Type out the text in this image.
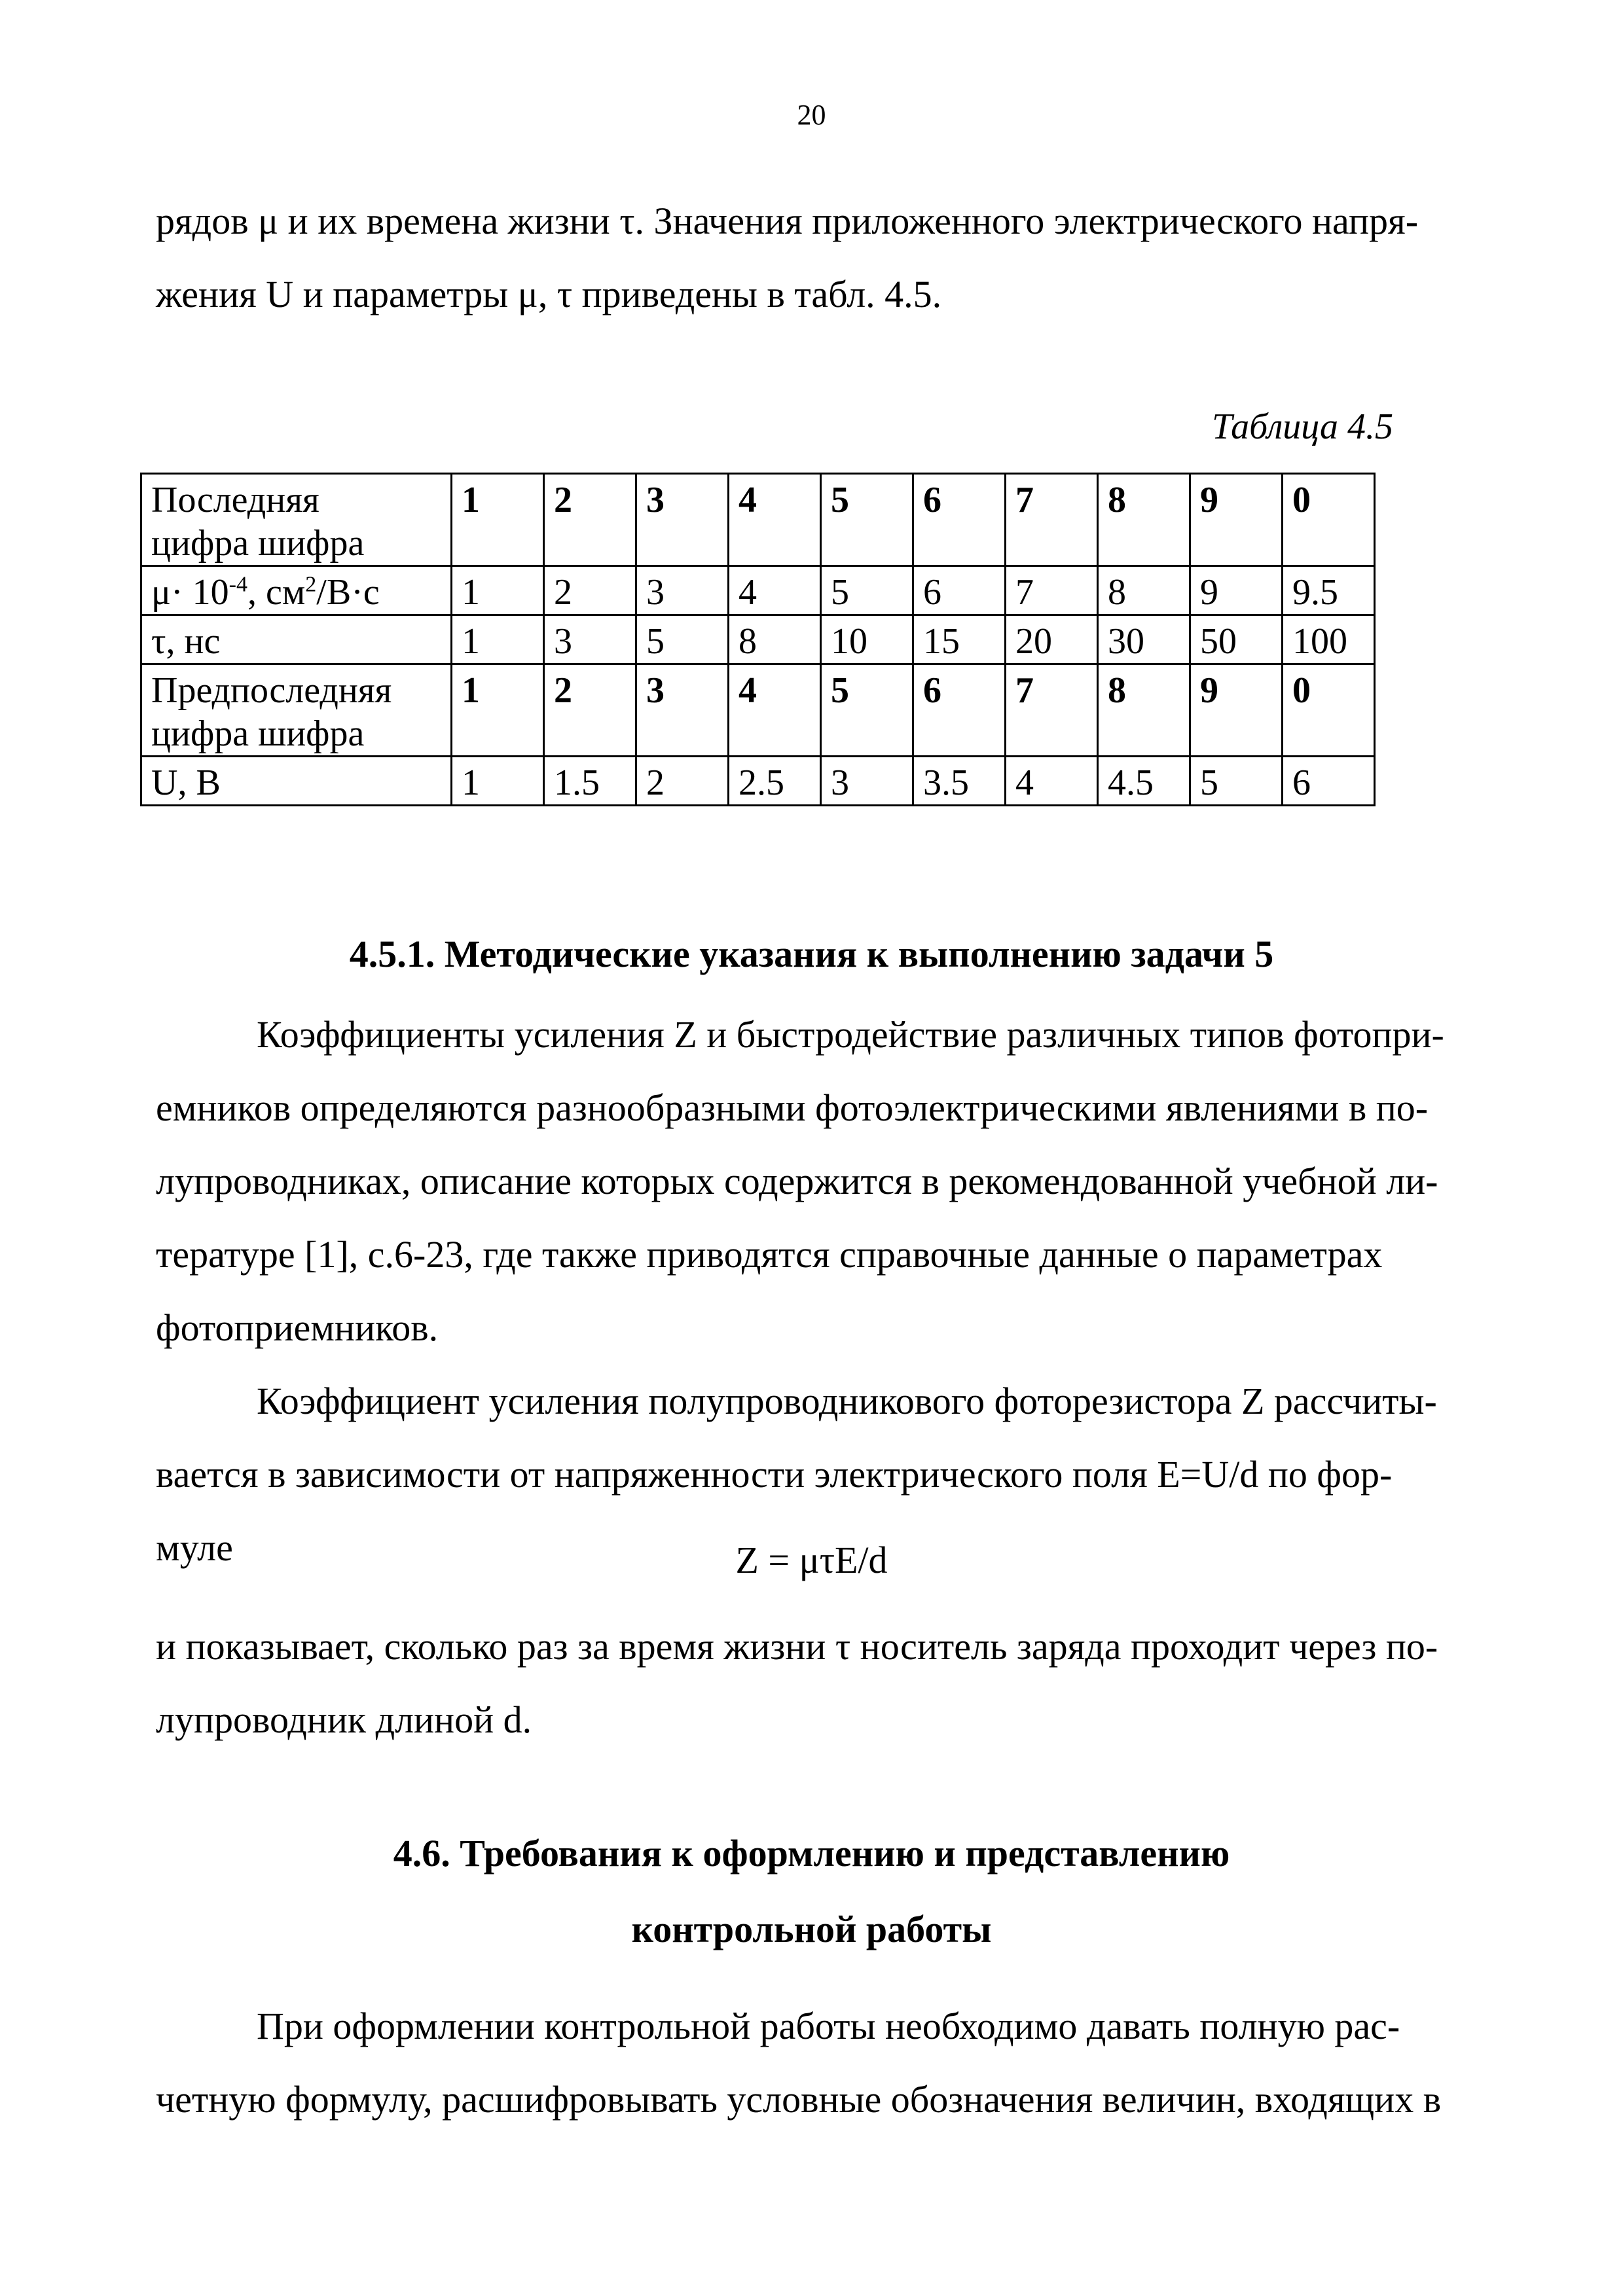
20
рядов μ и их времена жизни τ. Значения приложенного электрического напря-
жения U и параметры μ, τ приведены в табл. 4.5.
Таблица 4.5
Последняя
цифра шифра	1	2	3	4	5	6	7	8	9	0
$\mu\cdot 10^{-4}$, $см^2/В\cdot с$	1	2	3	4	5	6	7	8	9	9.5
τ, нс	1	3	5	8	10	15	20	30	50	100

Предпоследняя
цифра шифра	1	2	3	4	5	6	7	8	9	0
U, В	1	1.5	2	2.5	3	3.5	4	4.5	5	6
4.5.1. Методические указания к выполнению задачи 5
Коэффициенты усиления Z и быстродействие различных типов фотопри-
емников определяются разнообразными фотоэлектрическими явлениями в по-
лупроводниках, описание которых содержится в рекомендованной учебной ли-
тературе [1], с.6-23, где также приводятся справочные данные о параметрах
фотоприемников.
Коэффициент усиления полупроводникового фоторезистора Z рассчиты-
вается в зависимости от напряженности электрического поля E=U/d по фор-
муле	Z = μτE/d
и показывает, сколько раз за время жизни τ носитель заряда проходит через по-
лупроводник длиной d.
4.6. Требования к оформлению и представлению
контрольной работы
При оформлении контрольной работы необходимо давать полную рас-
четную формулу, расшифровывать условные обозначения величин, входящих в
